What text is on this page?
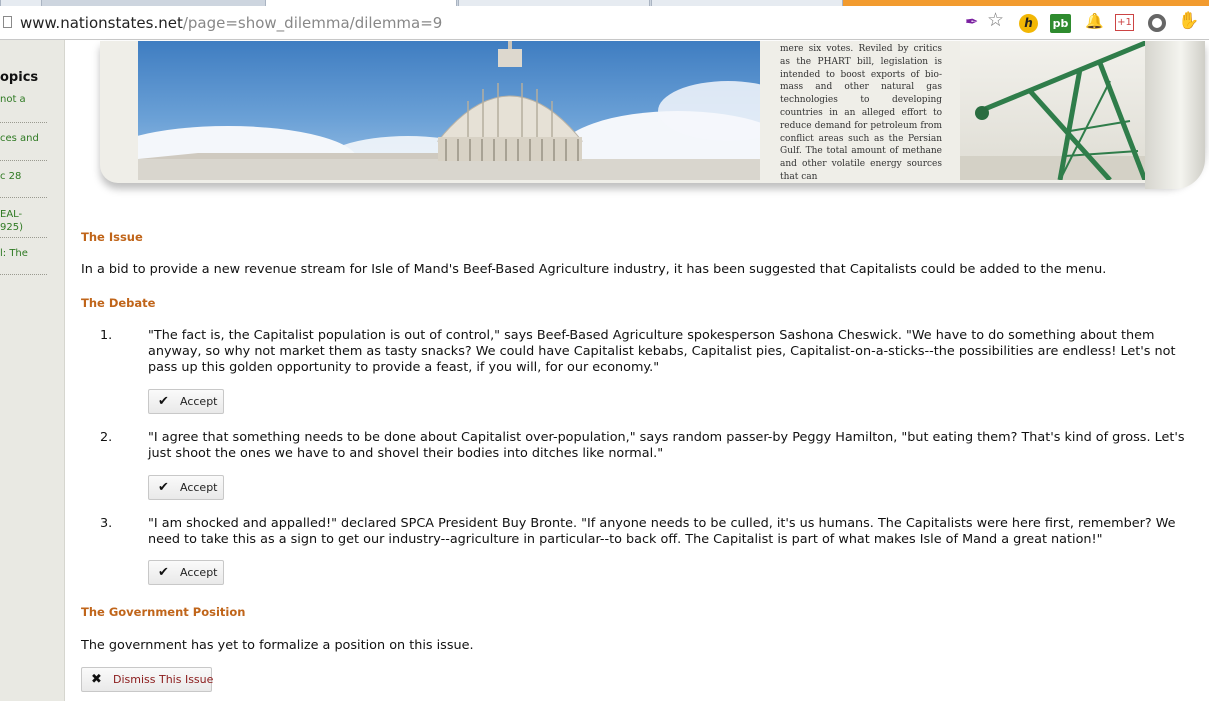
www.nationstates.net/page=show_dilemma/dilemma=9	✒ ☆	h	pb 🔔 +1	✋
opics
not a
ces and
c 28
EAL-
925)
l: The
mere six votes. Reviled by critics as the PHART bill, legislation is intended to boost exports of bio-mass and other natural gas technologies to developing countries in an alleged effort to reduce demand for petroleum from conflict areas such as the Persian Gulf. The total amount of methane and other volatile energy sources that can
The Issue
In a bid to provide a new revenue stream for Isle of Mand's Beef-Based Agriculture industry, it has been suggested that Capitalists could be added to the menu.
The Debate
1.	"The fact is, the Capitalist population is out of control," says Beef-Based Agriculture spokesperson Sashona Cheswick. "We have to do something about them anyway, so why not market them as tasty snacks? We could have Capitalist kebabs, Capitalist pies, Capitalist-on-a-sticks--the possibilities are endless! Let's not pass up this golden opportunity to provide a feast, if you will, for our economy."
✔ Accept
2.	"I agree that something needs to be done about Capitalist over-population," says random passer-by Peggy Hamilton, "but eating them? That's kind of gross. Let's just shoot the ones we have to and shovel their bodies into ditches like normal."
✔ Accept
3.	"I am shocked and appalled!" declared SPCA President Buy Bronte. "If anyone needs to be culled, it's us humans. The Capitalists were here first, remember? We need to take this as a sign to get our industry--agriculture in particular--to back off. The Capitalist is part of what makes Isle of Mand a great nation!"
✔ Accept
The Government Position
The government has yet to formalize a position on this issue.
✖ Dismiss This Issue
